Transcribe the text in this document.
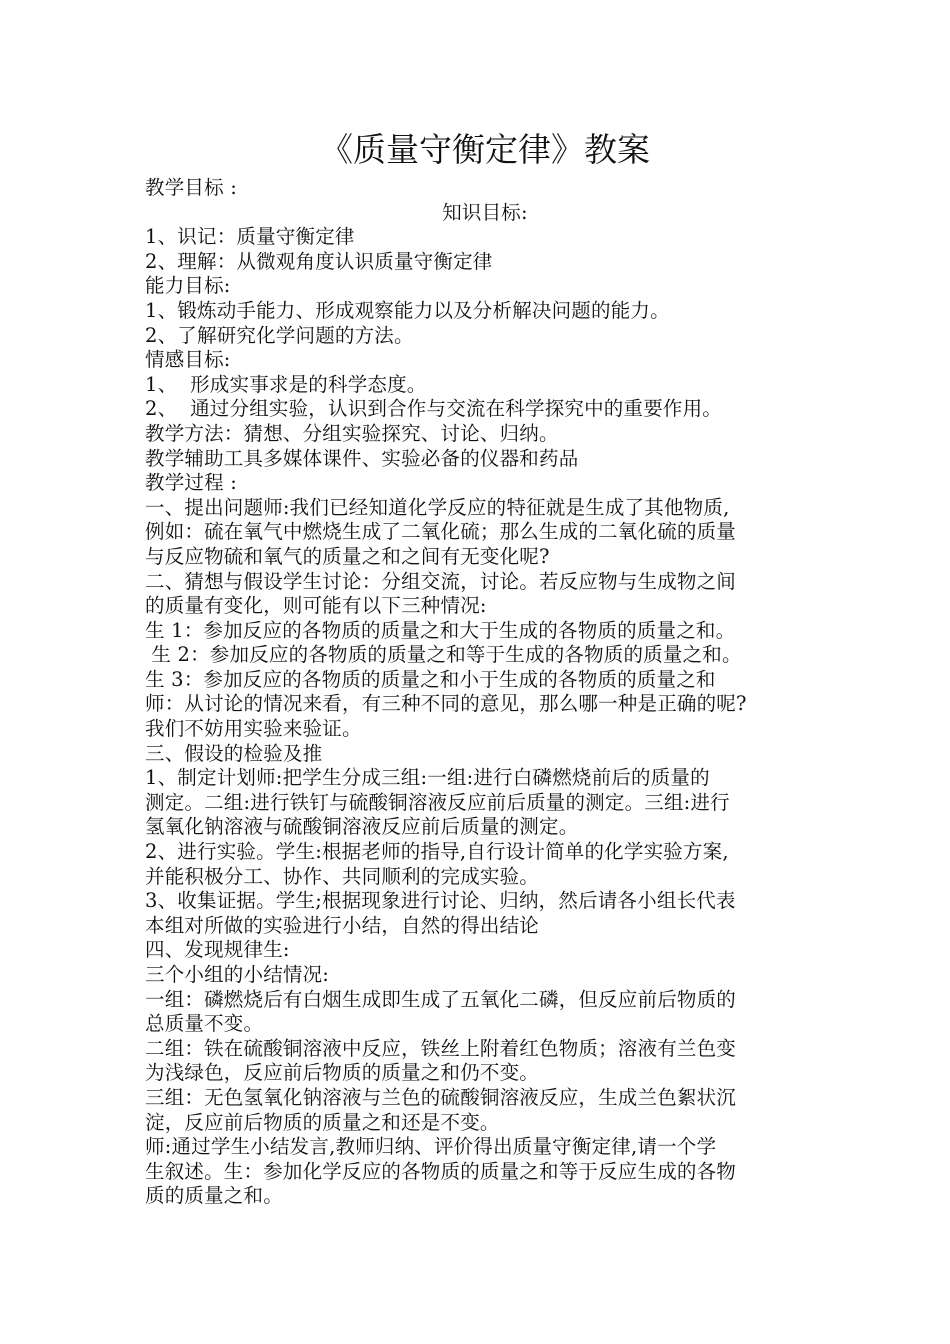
《质量守衡定律》教案
教学目标 :
知识目标:
1、识记：质量守衡定律
2、理解：从微观角度认识质量守衡定律
能力目标:
1、锻炼动手能力、形成观察能力以及分析解决问题的能力。
2、了解研究化学问题的方法。
情感目标:
1、  形成实事求是的科学态度。
2、  通过分组实验，认识到合作与交流在科学探究中的重要作用。
教学方法：猜想、分组实验探究、讨论、归纳。
教学辅助工具多媒体课件、实验必备的仪器和药品
教学过程 :
一、提出问题师:我们已经知道化学反应的特征就是生成了其他物质,
例如：硫在氧气中燃烧生成了二氧化硫；那么生成的二氧化硫的质量
与反应物硫和氧气的质量之和之间有无变化呢?
二、猜想与假设学生讨论：分组交流，讨论。若反应物与生成物之间
的质量有变化，则可能有以下三种情况:
生 1：参加反应的各物质的质量之和大于生成的各物质的质量之和。
生 2：参加反应的各物质的质量之和等于生成的各物质的质量之和。
生 3：参加反应的各物质的质量之和小于生成的各物质的质量之和
师：从讨论的情况来看，有三种不同的意见，那么哪一种是正确的呢?
我们不妨用实验来验证。
三、假设的检验及推
1、制定计划师:把学生分成三组:一组:进行白磷燃烧前后的质量的
测定。二组:进行铁钉与硫酸铜溶液反应前后质量的测定。三组:进行
氢氧化钠溶液与硫酸铜溶液反应前后质量的测定。
2、进行实验。学生:根据老师的指导,自行设计简单的化学实验方案,
并能积极分工、协作、共同顺利的完成实验。
3、收集证据。学生;根据现象进行讨论、归纳，然后请各小组长代表
本组对所做的实验进行小结，自然的得出结论
四、发现规律生:
三个小组的小结情况:
一组：磷燃烧后有白烟生成即生成了五氧化二磷，但反应前后物质的
总质量不变。
二组：铁在硫酸铜溶液中反应，铁丝上附着红色物质；溶液有兰色变
为浅绿色，反应前后物质的质量之和仍不变。
三组：无色氢氧化钠溶液与兰色的硫酸铜溶液反应，生成兰色絮状沉
淀，反应前后物质的质量之和还是不变。
师:通过学生小结发言,教师归纳、评价得出质量守衡定律,请一个学
生叙述。生：参加化学反应的各物质的质量之和等于反应生成的各物
质的质量之和。
